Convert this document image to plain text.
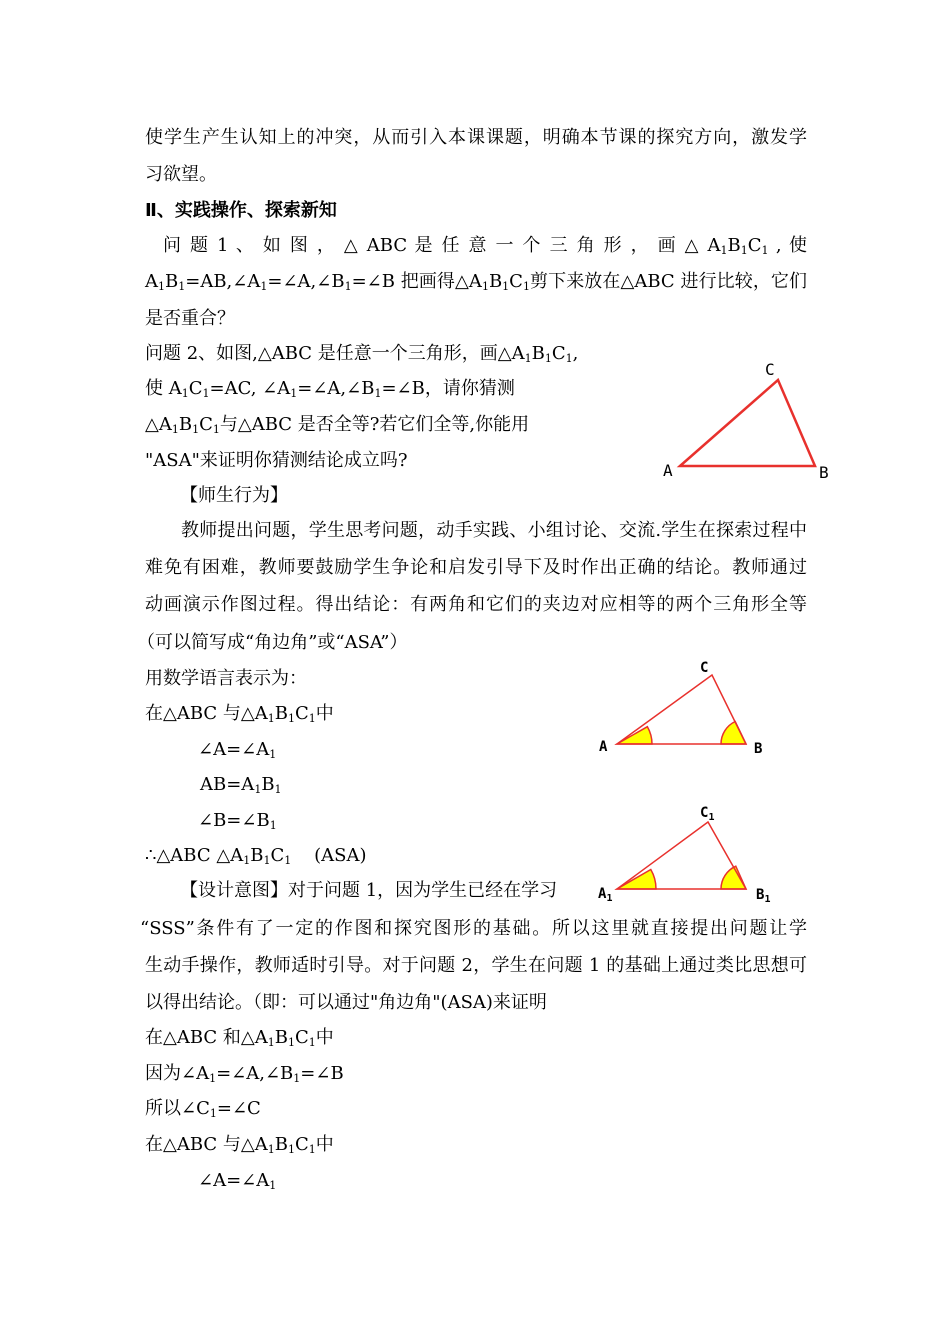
使学生产生认知上的冲突，从而引入本课课题，明确本节课的探究方向，激发学
习欲望。
Ⅱ、实践操作、探索新知
问 题 1 、 如 图 ， △ ABC 是 任 意 一 个 三 角 形 ， 画 △ $A_1B_1C_1$ , 使
$A_1B_1=AB,\angle A_1=\angle A,\angle B_1=\angle B$ 把画得$\triangle A_1B_1C_1$剪下来放在△ABC 进行比较，它们
是否重合？
问题 2、如图,△ABC 是任意一个三角形，画$\triangle A_1B_1C_1$,
使 $A_1C_1=AC$, $\angle A_1=\angle A,\angle B_1=\angle B$，请你猜测
$\triangle A_1B_1C_1$与△ABC 是否全等?若它们全等,你能用
"ASA"来证明你猜测结论成立吗?	A
C
B
【师生行为】
教师提出问题，学生思考问题，动手实践、小组讨论、交流.学生在探索过程中
难免有困难，教师要鼓励学生争论和启发引导下及时作出正确的结论。教师通过
动画演示作图过程。得出结论：有两角和它们的夹边对应相等的两个三角形全等
（可以简写成“角边角”或“ASA”）
用数学语言表示为：
在△ABC 与$\triangle A_1B_1C_1$中
$\angle A=\angle A_1$
$AB=A_1B_1$
$\angle B=\angle B_1$
∴△ABC $\triangle A_1B_1C_1$    (ASA)
A
C
B
$A_1$
$C_1$
$B_1$
【设计意图】对于问题 1，因为学生已经在学习
“SSS”条件有了一定的作图和探究图形的基础。所以这里就直接提出问题让学
生动手操作，教师适时引导。对于问题 2，学生在问题 1 的基础上通过类比思想可
以得出结论。（即：可以通过"角边角"(ASA)来证明
在△ABC 和$\triangle A_1B_1C_1$中
因为$\angle A_1=\angle A,\angle B_1=\angle B$
所以$\angle C_1=\angle C$
在△ABC 与$\triangle A_1B_1C_1$中
$\angle A=\angle A_1$
